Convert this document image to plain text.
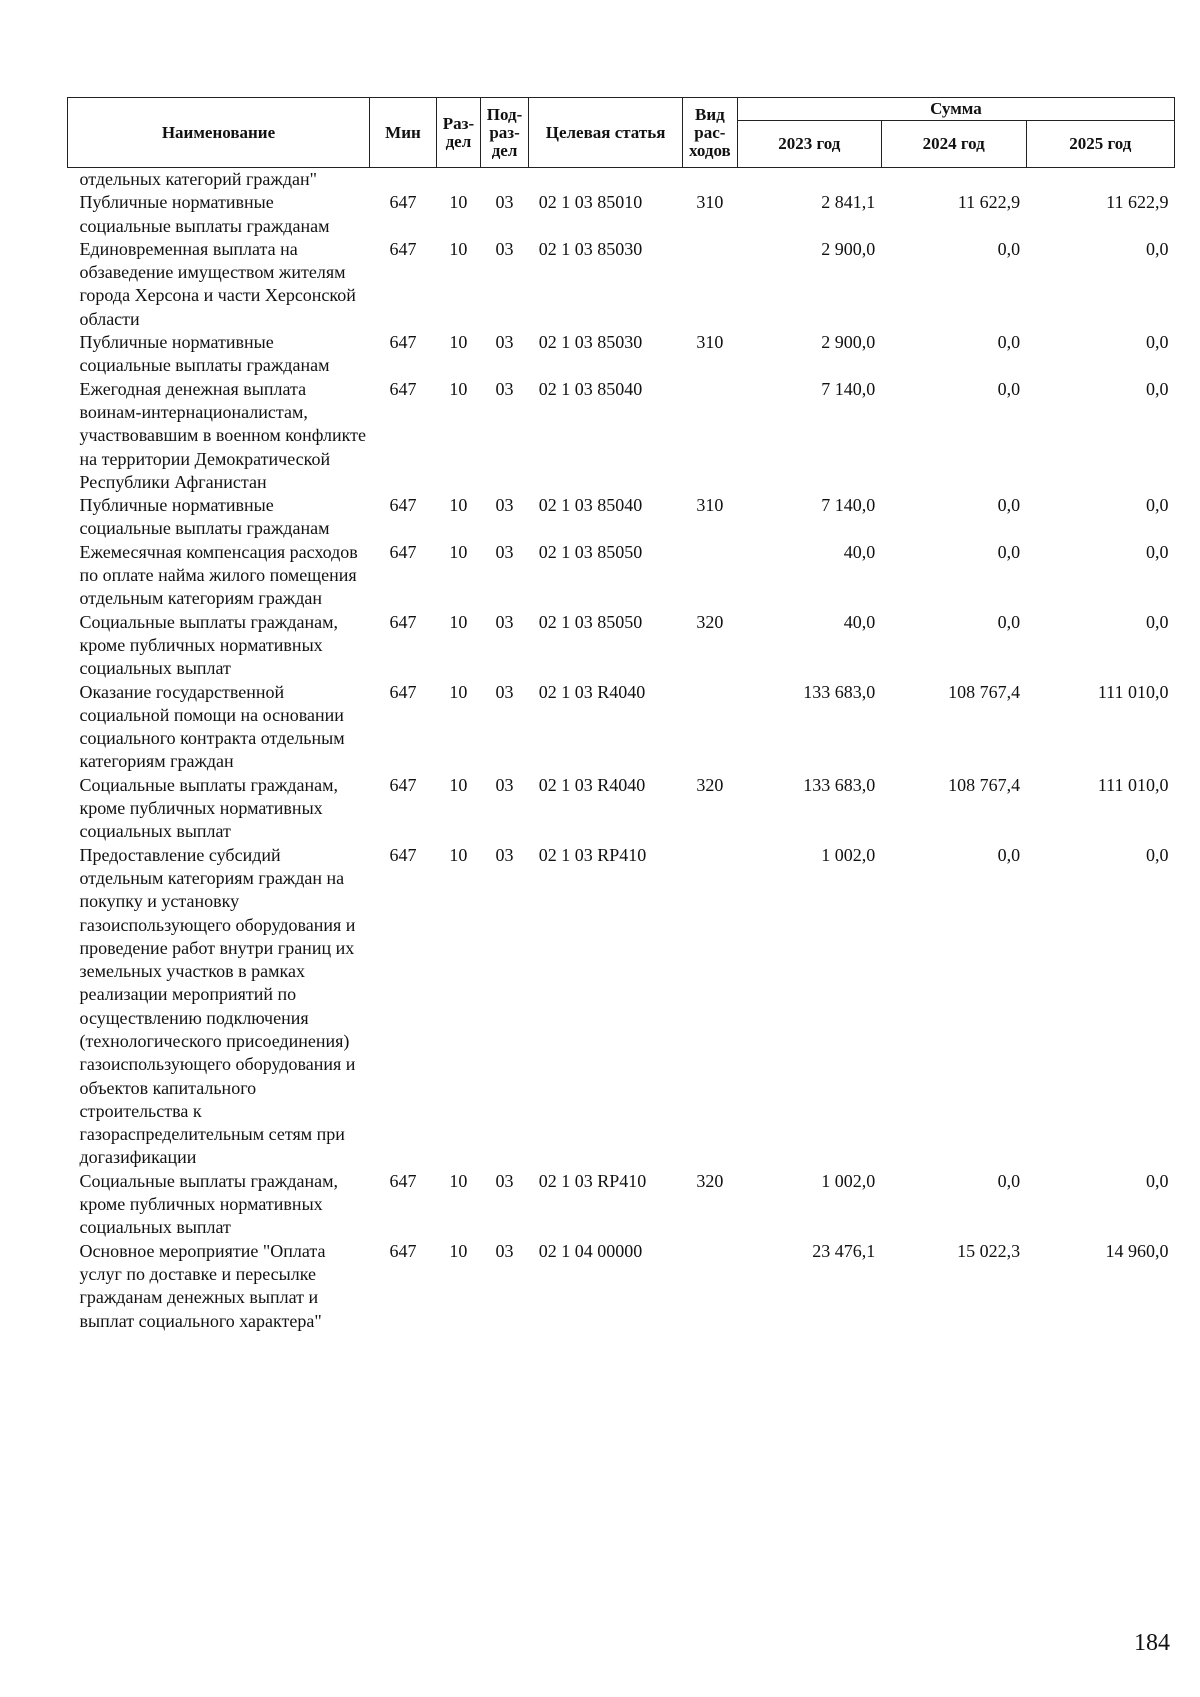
Наименование	Мин	Раз- дел	Под- раз- дел	Целевая статья	Вид рас- ходов	Сумма		
						2023 год	2024 год	2025 год
отдельных категорий граждан"								
Публичные нормативные социальные выплаты гражданам	647	10	03	02 1 03 85010	310	2 841,1	11 622,9	11 622,9
Единовременная выплата на обзаведение имуществом жителям города Херсона и части Херсонской области	647	10	03	02 1 03 85030		2 900,0	0,0	0,0
Публичные нормативные социальные выплаты гражданам	647	10	03	02 1 03 85030	310	2 900,0	0,0	0,0
Ежегодная денежная выплата воинам-интернационалистам, участвовавшим в военном конфликте на территории Демократической Республики Афганистан	647	10	03	02 1 03 85040		7 140,0	0,0	0,0
Публичные нормативные социальные выплаты гражданам	647	10	03	02 1 03 85040	310	7 140,0	0,0	0,0
Ежемесячная компенсация расходов по оплате найма жилого помещения отдельным категориям граждан	647	10	03	02 1 03 85050		40,0	0,0	0,0
Социальные выплаты гражданам, кроме публичных нормативных социальных выплат	647	10	03	02 1 03 85050	320	40,0	0,0	0,0
Оказание государственной социальной помощи на основании социального контракта отдельным категориям граждан	647	10	03	02 1 03 R4040		133 683,0	108 767,4	111 010,0
Социальные выплаты гражданам, кроме публичных нормативных социальных выплат	647	10	03	02 1 03 R4040	320	133 683,0	108 767,4	111 010,0
Предоставление субсидий отдельным категориям граждан на покупку и установку газоиспользующего оборудования и проведение работ внутри границ их земельных участков в рамках реализации мероприятий по осуществлению подключения (технологического присоединения) газоиспользующего оборудования и объектов капитального строительства к газораспределительным сетям при догазификации	647	10	03	02 1 03 RP410		1 002,0	0,0	0,0
Социальные выплаты гражданам, кроме публичных нормативных социальных выплат	647	10	03	02 1 03 RP410	320	1 002,0	0,0	0,0
Основное мероприятие "Оплата услуг по доставке и пересылке гражданам денежных выплат и выплат социального характера"	647	10	03	02 1 04 00000		23 476,1	15 022,3	14 960,0
184
